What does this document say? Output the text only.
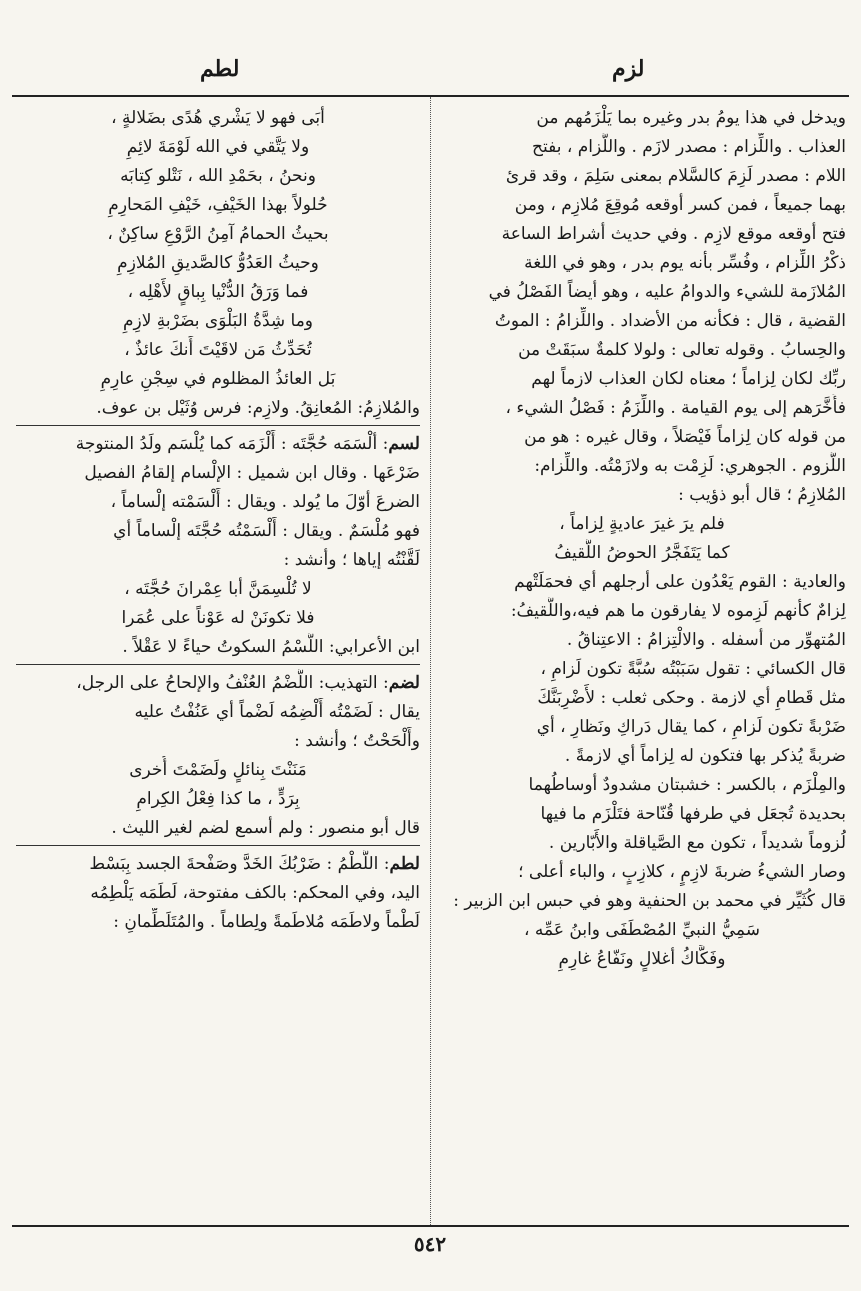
لزم
لطم
ويدخل في هذا يومُ بدر وغيره بما يَلْزَمُهم من
العذاب . واللِّزام : مصدر لازَم . واللَّزام ، بفتح
اللام : مصدر لَزِمَ كالسَّلام بمعنى سَلِمَ ، وقد قرئ
بهما جميعاً ، فمن كسر أوقعه مُوقِعَ مُلازِم ، ومن
فتح أوقعه موقع لازِم . وفي حديث أشراط الساعة
ذكْرُ اللِّزام ، وفُسِّر بأنه يوم بدر ، وهو في اللغة
المُلازَمة للشيء والدوامُ عليه ، وهو أيضاً الفَصْلُ في
القضية ، قال : فكأنه من الأضداد . واللِّزامُ : الموتُ
والحِسابُ . وقوله تعالى : ولولا كلمةٌ سبَقَتْ من
ربِّك لكان لِزاماً ؛ معناه لكان العذاب لازماً لهم
فأَخَّرَهم إلى يوم القيامة . واللِّزَمُ : فَصْلُ الشيء ،
من قوله كان لِزاماً فَيْصَلاً ، وقال غيره : هو من
اللُّزوم . الجوهري: لَزِمْت به ولازَمْتُه. واللِّزام:
المُلازِمُ ؛ قال أبو ذؤيب :
فلم يرَ غيرَ عاديةٍ لِزاماً ،
كما يَتَفَجَّرُ الحوضُ اللَّقيفُ
والعادية : القوم يَعْدُون على أرجلهم أي فحمَلَتْهم
لِزامٌ كأنهم لَزِموه لا يفارقون ما هم فيه،واللَّقيفُ:
المُتهوِّر من أسفله . والالْتِزامُ : الاعتِناقُ .
قال الكسائي : تقول سَبَبْتُه سُبَّةً تكون لَزامِ ،
مثل قَطامِ أي لازمة . وحكى ثعلب : لأَضْرِبَنَّكَ
ضَرْبةً تكون لَزامِ ، كما يقال دَراكِ ونَظارِ ، أي
ضربةً يُذكر بها فتكون له لِزاماً أي لازمةً .
والمِلْزَم ، بالكسر : خشبتان مشدودٌ أوساطُهما
بحديدة تُجعَل في طرفها قُنّاحة فتَلْزَم ما فيها
لُزوماً شديداً ، تكون مع الصَّياقلة والأَبّارين .
وصار الشيءُ ضربةَ لازِمٍ ، كلازِبٍ ، والباء أعلى ؛
قال كُثَيِّر في محمد بن الحنفية وهو في حبس ابن الزبير :
سَمِيُّ النبيِّ المُصْطَفَى وابنُ عَمِّه ،
وفَكَّاكُ أغلالٍ ونَفّاعُ غارِمِ
أبَى فهو لا يَشْري هُدًى بضَلالةٍ ،
ولا يَتَّقي في الله لَوْمَةَ لائِمِ
ونحنُ ، بحَمْدِ الله ، نَتْلو كِتابَه
حُلولاً بهذا الخَيْفِ، خَيْفِ المَحارِمِ
بحيثُ الحمامُ آمِنُ الرَّوْعِ ساكِنٌ ،
وحيثُ العَدُوُّ كالصَّديقِ المُلازِمِ
فما وَرَقُ الدُّنْيا بِباقٍ لأَهْلِه ،
وما شِدَّةُ البَلْوَى بضَرْبةِ لازِمِ
تُحَدِّثُ مَن لاقَيْتَ أَنكَ عائذٌ ،
بَل العائذُ المظلوم في سِجْنِ عارِمِ
والمُلازِمُ: المُعانِقُ. ولازِم: فرس وُثَيْل بن عوف.
لسم: ألْسَمَه حُجَّتَه : أَلْزَمَه كما يُلْسَم ولَدُ المنتوجة
ضَرْعَها . وقال ابن شميل : الإلْسام إلقامُ الفصيل
الضرعَ أوّلَ ما يُولد . ويقال : أَلْسَمْته إلْساماً ،
فهو مُلْسَمٌ . ويقال : أَلْسَمْتُه حُجَّتَه إلْساماً أي
لَقَّنْتُه إياها ؛ وأنشد :
لا تُلْسِمَنَّ أبا عِمْرانَ حُجَّتَه ،
فلا تكونَنْ له عَوْناً على عُمَرا
ابن الأعرابي: اللَّسْمُ السكوتُ حياءً لا عَقْلاً .
لضم: التهذيب: اللَّضْمُ العُنْفُ والإلحاحُ على الرجل،
يقال : لَضَمْتُه أَلْضِمُه لَضْماً أي عَنُفْتُ عليه
وأَلْحَحْتُ ؛ وأنشد :
مَنَنْتَ بِنائلٍ ولَضَمْتَ أُخرى
بِرَدٍّ ، ما كذا فِعْلُ الكِرامِ
قال أبو منصور : ولم أسمع لضم لغير الليث .
لطم: اللَّطْمُ : ضَرْبُكَ الخَدَّ وصَفْحةَ الجسد بِبَسْط
اليد، وفي المحكم: بالكف مفتوحة، لَطَمَه يَلْطِمُه
لَطْماً ولاطَمَه مُلاطَمةً ولِطاماً . والمُتَلَطِّمانِ :
٥٤٢
